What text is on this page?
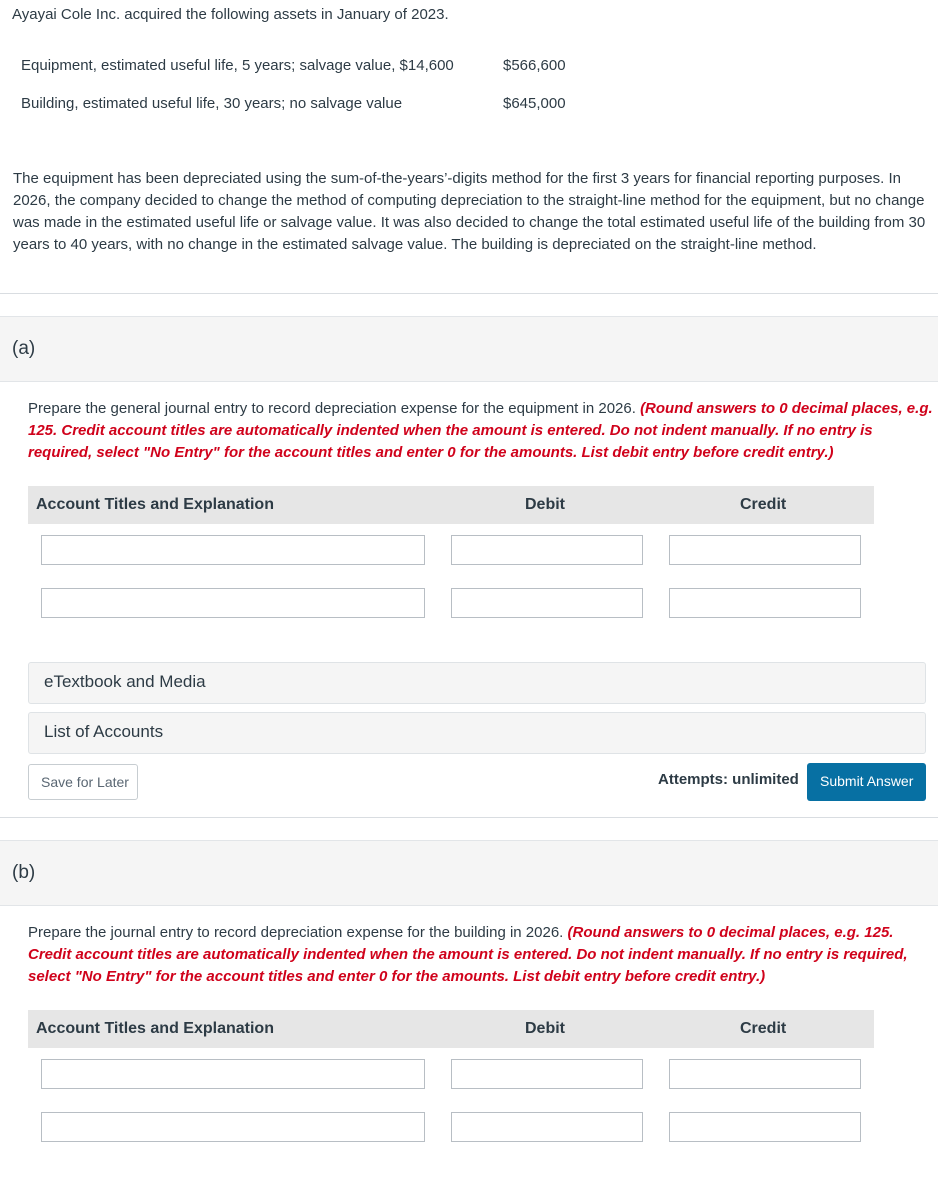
Ayayai Cole Inc. acquired the following assets in January of 2023.
Equipment, estimated useful life, 5 years; salvage value, $14,600	$566,600
Building, estimated useful life, 30 years; no salvage value	$645,000
The equipment has been depreciated using the sum-of-the-years’-digits method for the first 3 years for financial reporting purposes. In 2026, the company decided to change the method of computing depreciation to the straight-line method for the equipment, but no change was made in the estimated useful life or salvage value. It was also decided to change the total estimated useful life of the building from 30 years to 40 years, with no change in the estimated salvage value. The building is depreciated on the straight-line method.
(a)
Prepare the general journal entry to record depreciation expense for the equipment in 2026. (Round answers to 0 decimal places, e.g. 125. Credit account titles are automatically indented when the amount is entered. Do not indent manually. If no entry is required, select "No Entry" for the account titles and enter 0 for the amounts. List debit entry before credit entry.)
Account Titles and Explanation	Debit	Credit
eTextbook and Media
List of Accounts
Save for Later	Attempts: unlimited Submit Answer
(b)
Prepare the journal entry to record depreciation expense for the building in 2026. (Round answers to 0 decimal places, e.g. 125. Credit account titles are automatically indented when the amount is entered. Do not indent manually. If no entry is required, select "No Entry" for the account titles and enter 0 for the amounts. List debit entry before credit entry.)
Account Titles and Explanation	Debit	Credit
